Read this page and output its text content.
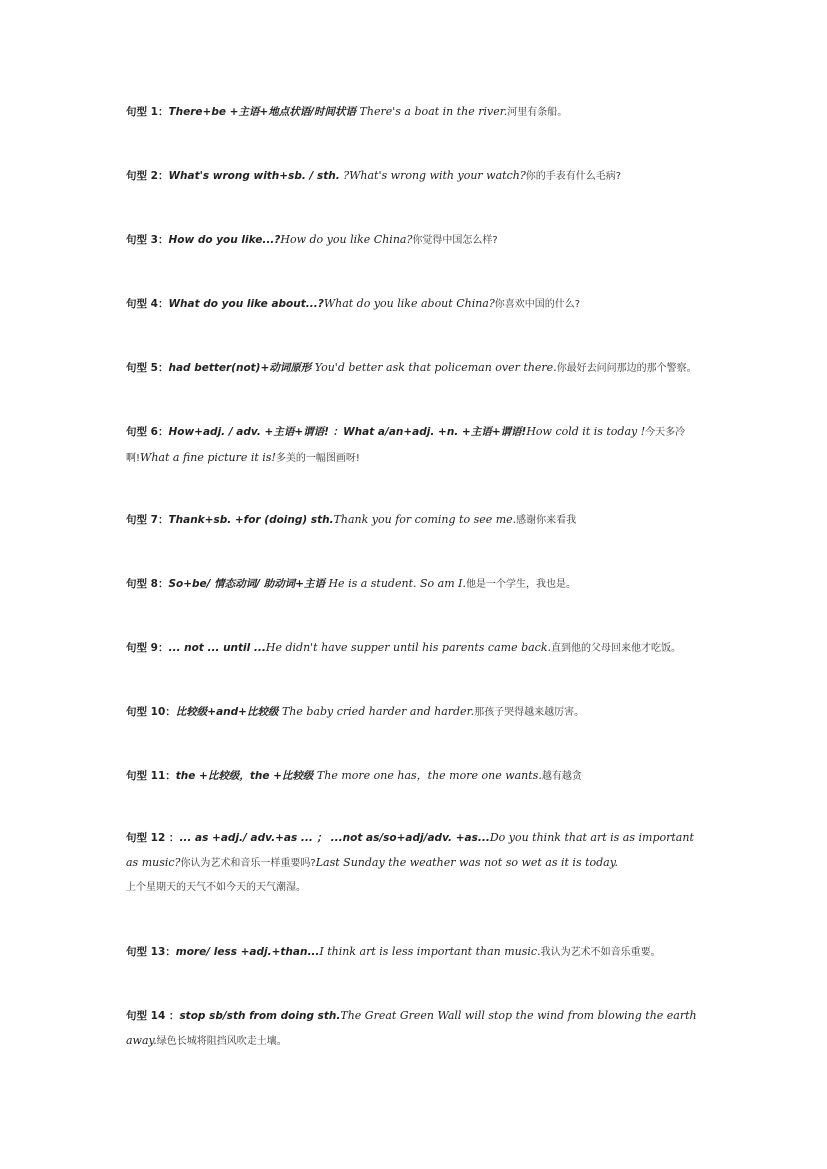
句型 1：There+be +主语+地点状语/时间状语 There's a boat in the river.河里有条船。
句型 2：What's wrong with+sb. / sth. ?What's wrong with your watch?你的手表有什么毛病?
句型 3：How do you like...?How do you like China?你觉得中国怎么样?
句型 4：What do you like about...?What do you like about China?你喜欢中国的什么?
句型 5：had better(not)+动词原形 You'd better ask that policeman over there.你最好去问问那边的那个警察。
句型 6：How+adj. / adv. +主语+谓语! ：What a/an+adj. +n. +主语+谓语!How cold it is today !今天多冷啊!What a fine picture it is!多美的一幅图画呀!
句型 7：Thank+sb. +for (doing) sth.Thank you for coming to see me.感谢你来看我
句型 8：So+be/ 情态动词/ 助动词+主语 He is a student. So am I.他是一个学生，我也是。
句型 9：... not ... until ...He didn't have supper until his parents came back.直到他的父母回来他才吃饭。
句型 10：比较级+and+比较级 The baby cried harder and harder.那孩子哭得越来越厉害。
句型 11：the +比较级，the +比较级 The more one has，the more one wants.越有越贪
句型 12 ：... as +adj./ adv.+as ... ； ...not as/so+adj/adv. +as...Do you think that art is as important as music?你认为艺术和音乐一样重要吗?Last Sunday the weather was not so wet as it is today.
上个星期天的天气不如今天的天气潮湿。
句型 13：more/ less +adj.+than...I think art is less important than music.我认为艺术不如音乐重要。
句型 14 ：stop sb/sth from doing sth.The Great Green Wall will stop the wind from blowing the earth away.绿色长城将阻挡风吹走土壤。
